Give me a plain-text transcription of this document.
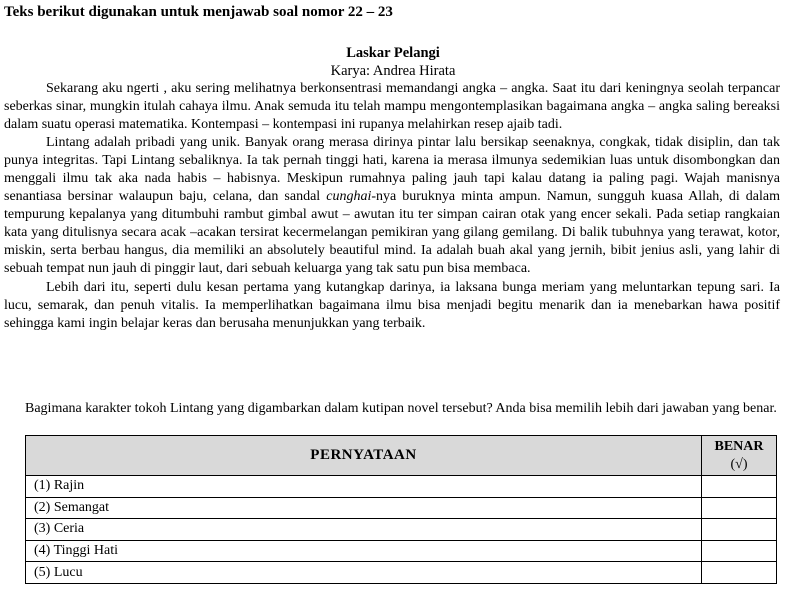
Teks berikut digunakan untuk menjawab soal nomor 22 – 23
Laskar Pelangi
Karya: Andrea Hirata

Sekarang aku ngerti , aku sering melihatnya berkonsentrasi memandangi angka – angka. Saat itu dari keningnya seolah terpancar seberkas sinar, mungkin itulah cahaya ilmu. Anak semuda itu telah mampu mengontemplasikan bagaimana angka – angka saling bereaksi dalam suatu operasi matematika. Kontempasi – kontempasi ini rupanya melahirkan resep ajaib tadi.

Lintang adalah pribadi yang unik. Banyak orang merasa dirinya pintar lalu bersikap seenaknya, congkak, tidak disiplin, dan tak punya integritas. Tapi Lintang sebaliknya. Ia tak pernah tinggi hati, karena ia merasa ilmunya sedemikian luas untuk disombongkan dan menggali ilmu tak aka nada habis – habisnya. Meskipun rumahnya paling jauh tapi kalau datang ia paling pagi. Wajah manisnya senantiasa bersinar walaupun baju, celana, dan sandal cunghai-nya buruknya minta ampun. Namun, sungguh kuasa Allah, di dalam tempurung kepalanya yang ditumbuhi rambut gimbal awut – awutan itu ter simpan cairan otak yang encer sekali. Pada setiap rangkaian kata yang ditulisnya secara acak –acakan tersirat kecermelangan pemikiran yang gilang gemilang. Di balik tubuhnya yang terawat, kotor, miskin, serta berbau hangus, dia memiliki an absolutely beautiful mind. Ia adalah buah akal yang jernih, bibit jenius asli, yang lahir di sebuah tempat nun jauh di pinggir laut, dari sebuah keluarga yang tak satu pun bisa membaca.

Lebih dari itu, seperti dulu kesan pertama yang kutangkap darinya, ia laksana bunga meriam yang meluntarkan tepung sari. Ia lucu, semarak, dan penuh vitalis. Ia memperlihatkan bagaimana ilmu bisa menjadi begitu menarik dan ia menebarkan hawa positif sehingga kami ingin belajar keras dan berusaha menunjukkan yang terbaik.

Bagimana karakter tokoh Lintang yang digambarkan dalam kutipan novel tersebut? Anda bisa memilih lebih dari jawaban yang benar.
PERNYATAAN	BENAR
(√)

(1) Rajin	
(2) Semangat	
(3) Ceria	
(4) Tinggi Hati	
(5) Lucu	
